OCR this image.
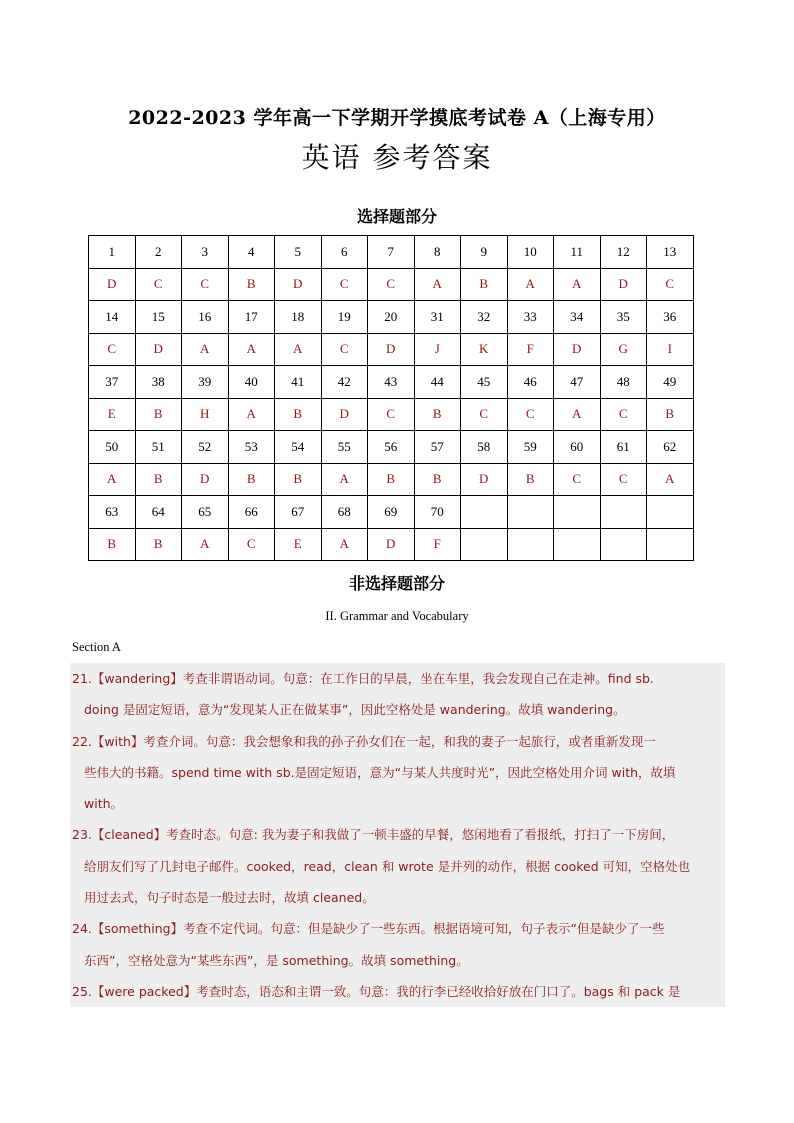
2022-2023 学年高一下学期开学摸底考试卷 A（上海专用）
英语 参考答案
选择题部分
1	2	3	4	5	6	7	8	9	10	11	12	13
D	C	C	B	D	C	C	A	B	A	A	D	C
14	15	16	17	18	19	20	31	32	33	34	35	36
C	D	A	A	A	C	D	J	K	F	D	G	I
37	38	39	40	41	42	43	44	45	46	47	48	49
E	B	H	A	B	D	C	B	C	C	A	C	B
50	51	52	53	54	55	56	57	58	59	60	61	62
A	B	D	B	B	A	B	B	D	B	C	C	A
63	64	65	66	67	68	69	70					
B	B	A	C	E	A	D	F					
非选择题部分
II. Grammar and Vocabulary
Section A
21.【wandering】考查非谓语动词。句意：在工作日的早晨，坐在车里，我会发现自己在走神。find sb.
doing 是固定短语，意为“发现某人正在做某事”，因此空格处是 wandering。故填 wandering。
22.【with】考查介词。句意：我会想象和我的孙子孙女们在一起，和我的妻子一起旅行，或者重新发现一
些伟大的书籍。spend time with sb.是固定短语，意为“与某人共度时光”，因此空格处用介词 with，故填
with。
23.【cleaned】考查时态。句意: 我为妻子和我做了一顿丰盛的早餐，悠闲地看了看报纸，打扫了一下房间，
给朋友们写了几封电子邮件。cooked，read，clean 和 wrote 是并列的动作，根据 cooked 可知，空格处也
用过去式，句子时态是一般过去时，故填 cleaned。
24.【something】考查不定代词。句意：但是缺少了一些东西。根据语境可知，句子表示“但是缺少了一些
东西”，空格处意为“某些东西”，是 something。故填 something。
25.【were packed】考查时态，语态和主谓一致。句意：我的行李已经收拾好放在门口了。bags 和 pack 是
